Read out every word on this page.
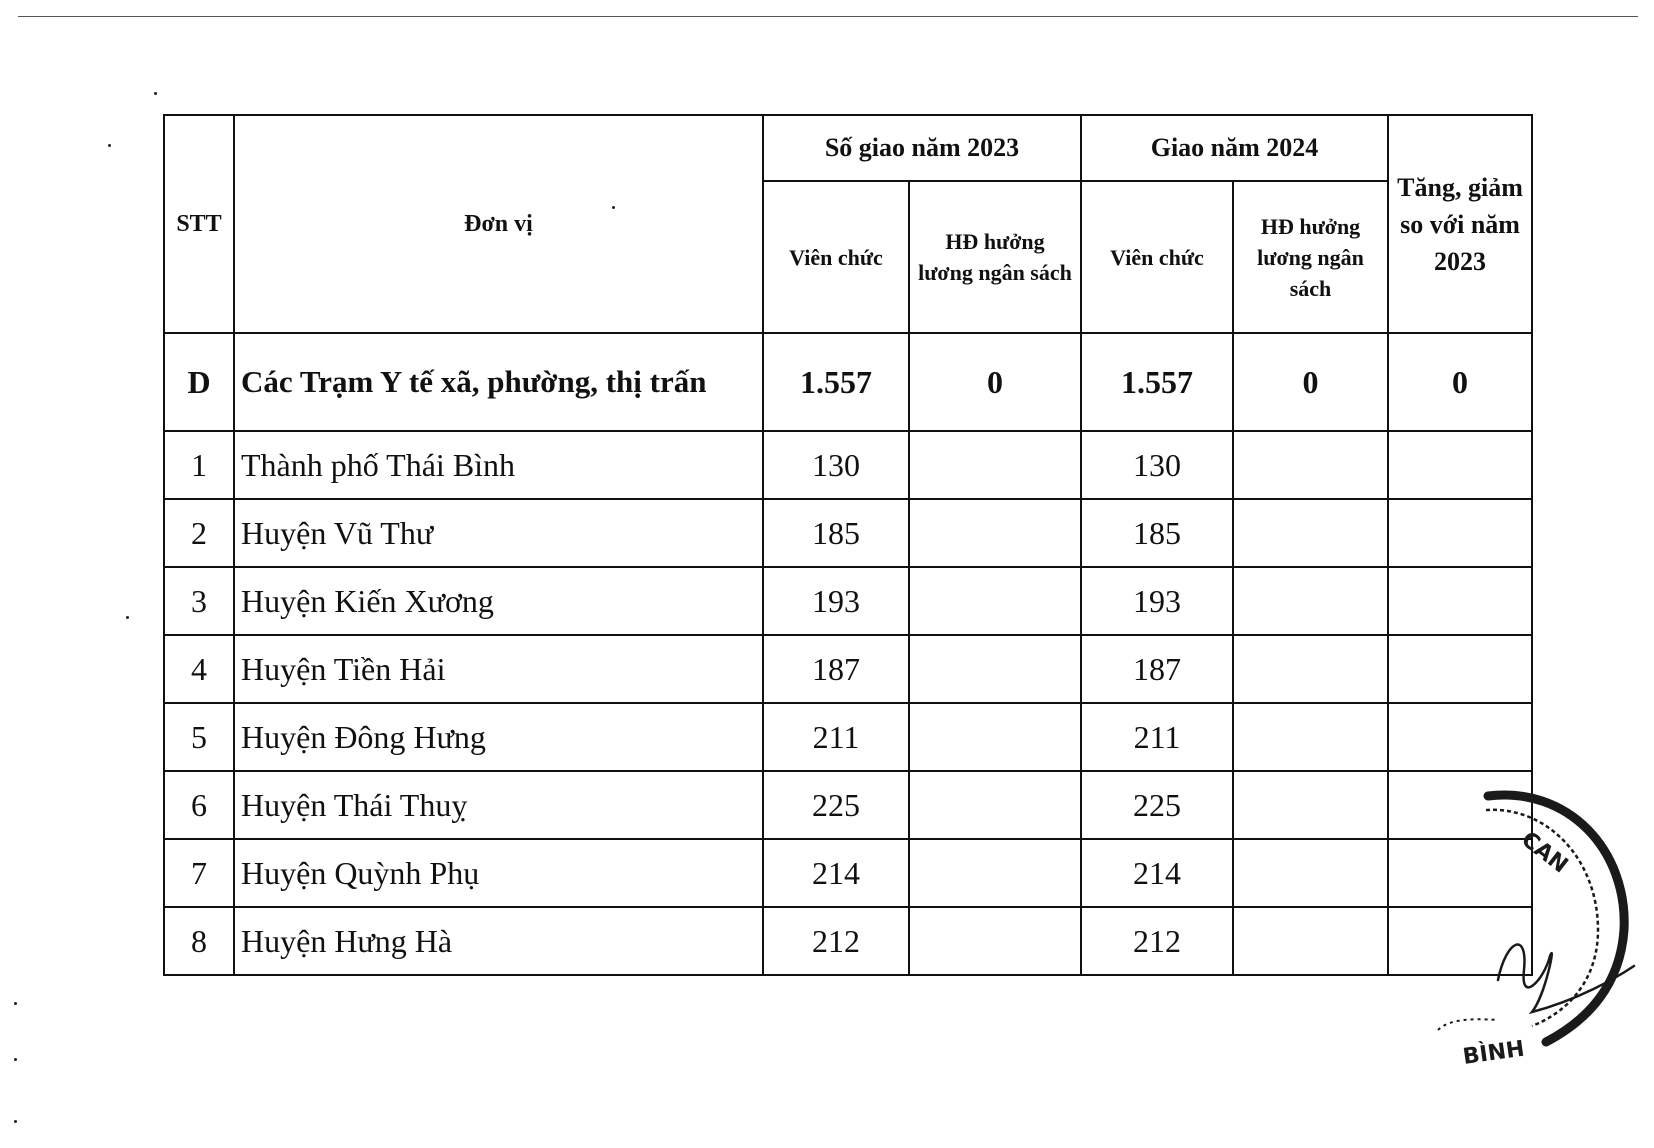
STT	Đơn vị	Số giao năm 2023		Giao năm 2024		Tăng, giảm so với năm 2023
		Viên chức	HĐ hưởng lương ngân sách	Viên chức	HĐ hưởng lương ngân sách	
D	Các Trạm Y tế xã, phường, thị trấn	1.557	0	1.557	0	0
1	Thành phố Thái Bình	130		130		
2	Huyện Vũ Thư	185		185		
3	Huyện Kiến Xương	193		193		
4	Huyện Tiền Hải	187		187		
5	Huyện Đông Hưng	211		211		
6	Huyện Thái Thuỵ	225		225		
7	Huyện Quỳnh Phụ	214		214		
8	Huyện Hưng Hà	212		212		
CAN
BÌNH
